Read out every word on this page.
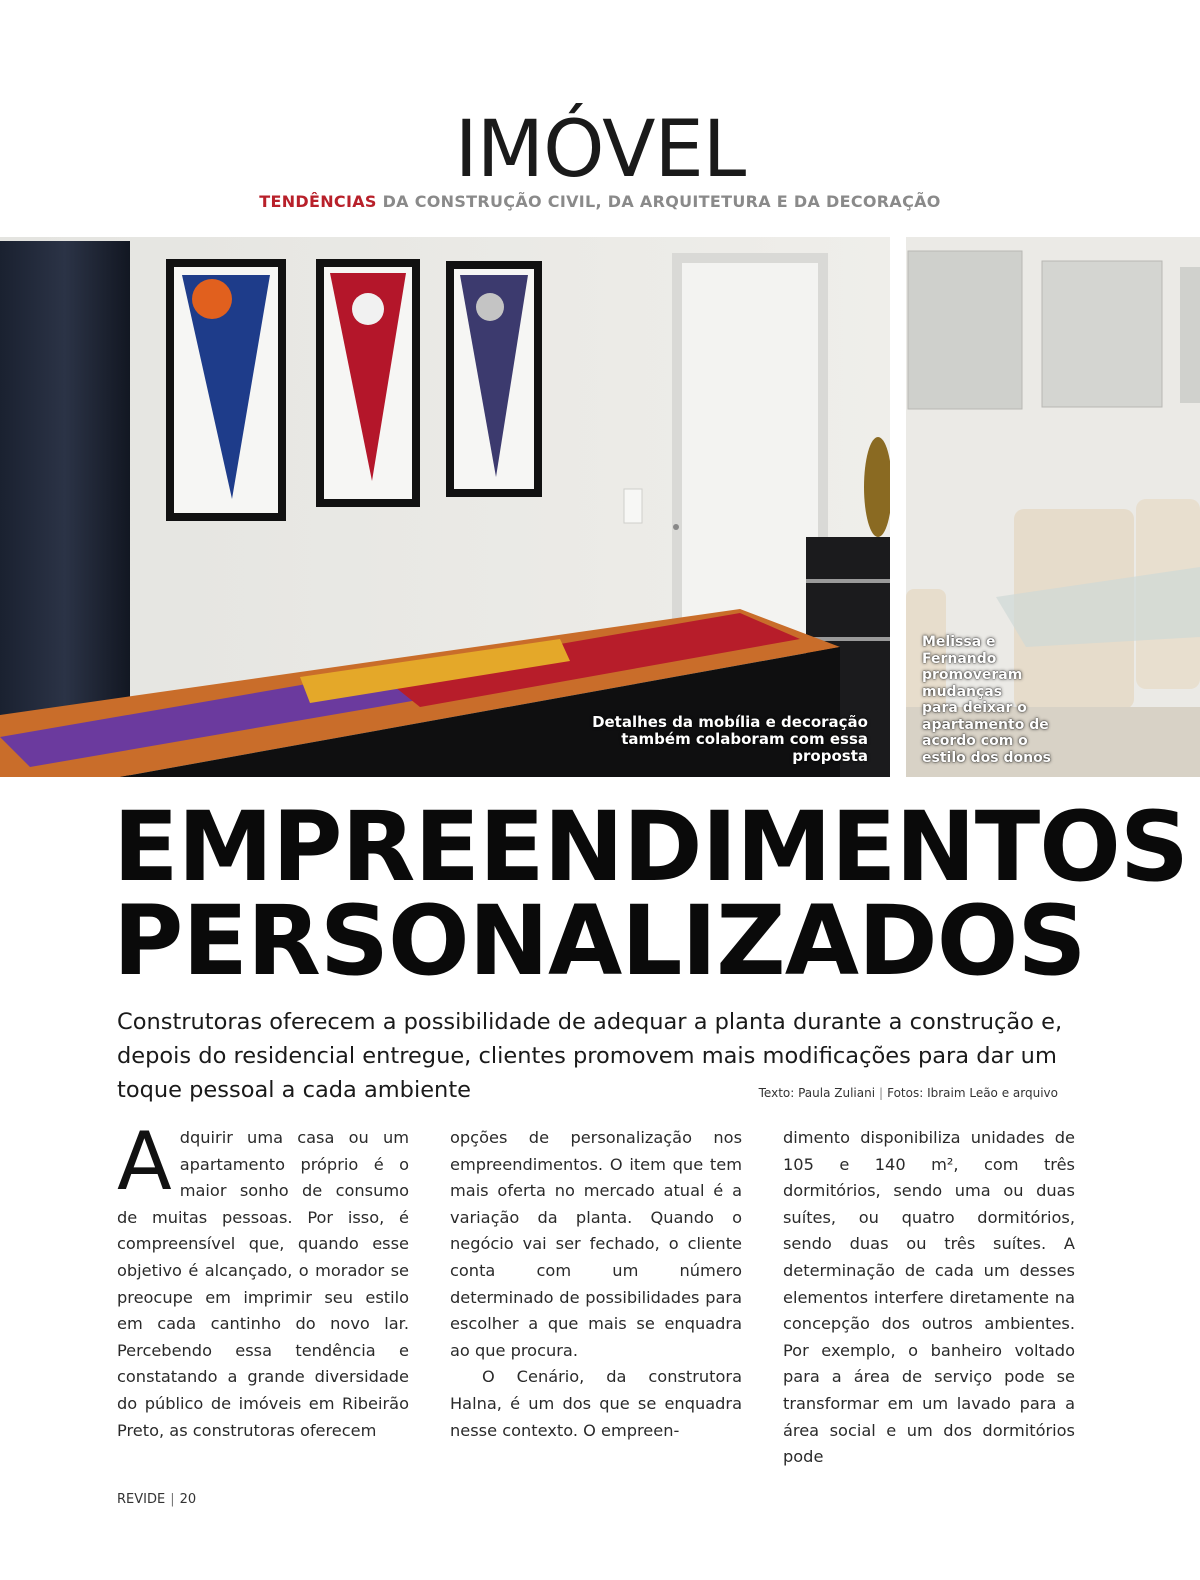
IMÓVEL
TENDÊNCIAS DA CONSTRUÇÃO CIVIL, DA ARQUITETURA E DA DECORAÇÃO
Detalhes da mobília e decoração
também colaboram com essa proposta
Melissa e
Fernando
promoveram
mudanças
para deixar o
apartamento de
acordo com o
estilo dos donos
EMPREENDIMENTOS
PERSONALIZADOS

Construtoras oferecem a possibilidade de adequar a planta durante a construção e, depois do residencial entregue, clientes promovem mais modificações para dar um toque pessoal a cada ambiente	Texto: Paula Zuliani | Fotos: Ibraim Leão e arquivo

Adquirir uma casa ou um apartamento próprio é o maior sonho de consumo de muitas pessoas. Por isso, é compreensível que, quando esse objetivo é alcançado, o morador se preocupe em imprimir seu estilo em cada cantinho do novo lar. Percebendo essa tendência e constatando a grande diversidade do público de imóveis em Ribeirão Preto, as construtoras oferecem

opções de personalização nos empreendimentos. O item que tem mais oferta no mercado atual é a variação da planta. Quando o negócio vai ser fechado, o cliente conta com um número determinado de possibilidades para escolher a que mais se enquadra ao que procura.

O Cenário, da construtora Halna, é um dos que se enquadra nesse contexto. O empreen-

dimento disponibiliza unidades de 105 e 140 m², com três dormitórios, sendo uma ou duas suítes, ou quatro dormitórios, sendo duas ou três suítes. A determinação de cada um desses elementos interfere diretamente na concepção dos outros ambientes. Por exemplo, o banheiro voltado para a área de serviço pode se transformar em um lavado para a área social e um dos dormitórios pode

REVIDE | 20
